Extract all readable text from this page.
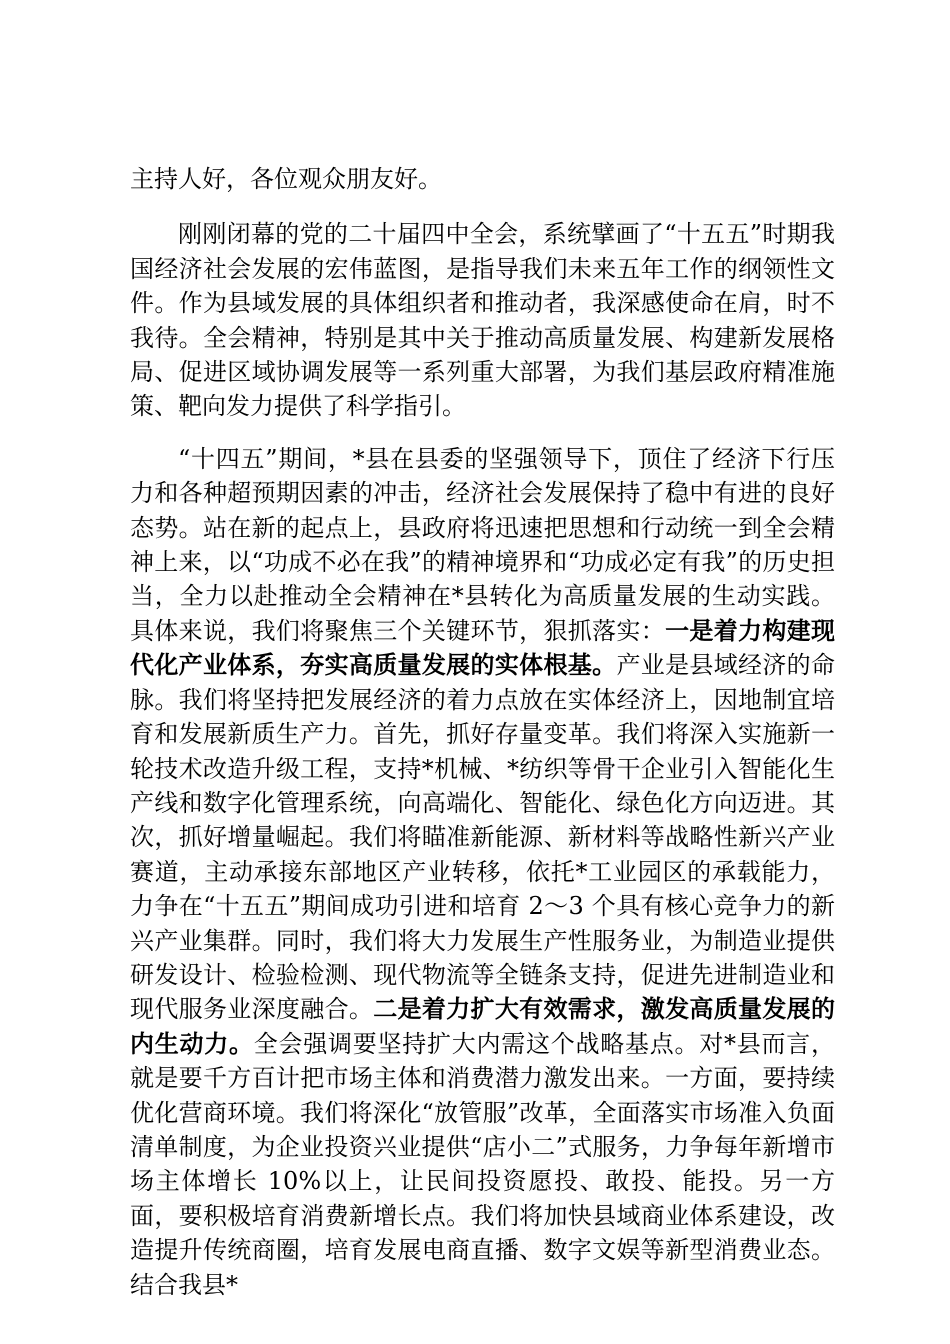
主持人好，各位观众朋友好。

刚刚闭幕的党的二十届四中全会，系统擘画了“十五五”时期我国经济社会发展的宏伟蓝图，是指导我们未来五年工作的纲领性文件。作为县域发展的具体组织者和推动者，我深感使命在肩，时不我待。全会精神，特别是其中关于推动高质量发展、构建新发展格局、促进区域协调发展等一系列重大部署，为我们基层政府精准施策、靶向发力提供了科学指引。

“十四五”期间，*县在县委的坚强领导下，顶住了经济下行压力和各种超预期因素的冲击，经济社会发展保持了稳中有进的良好态势。站在新的起点上，县政府将迅速把思想和行动统一到全会精神上来，以“功成不必在我”的精神境界和“功成必定有我”的历史担当，全力以赴推动全会精神在*县转化为高质量发展的生动实践。具体来说，我们将聚焦三个关键环节，狠抓落实：一是着力构建现代化产业体系，夯实高质量发展的实体根基。产业是县域经济的命脉。我们将坚持把发展经济的着力点放在实体经济上，因地制宜培育和发展新质生产力。首先，抓好存量变革。我们将深入实施新一轮技术改造升级工程，支持*机械、*纺织等骨干企业引入智能化生产线和数字化管理系统，向高端化、智能化、绿色化方向迈进。其次，抓好增量崛起。我们将瞄准新能源、新材料等战略性新兴产业赛道，主动承接东部地区产业转移，依托*工业园区的承载能力，力争在“十五五”期间成功引进和培育 2～3 个具有核心竞争力的新兴产业集群。同时，我们将大力发展生产性服务业，为制造业提供研发设计、检验检测、现代物流等全链条支持，促进先进制造业和现代服务业深度融合。二是着力扩大有效需求，激发高质量发展的内生动力。全会强调要坚持扩大内需这个战略基点。对*县而言，就是要千方百计把市场主体和消费潜力激发出来。一方面，要持续优化营商环境。我们将深化“放管服”改革，全面落实市场准入负面清单制度，为企业投资兴业提供“店小二”式服务，力争每年新增市场主体增长 10%以上，让民间投资愿投、敢投、能投。另一方面，要积极培育消费新增长点。我们将加快县域商业体系建设，改造提升传统商圈，培育发展电商直播、数字文娱等新型消费业态。结合我县*
